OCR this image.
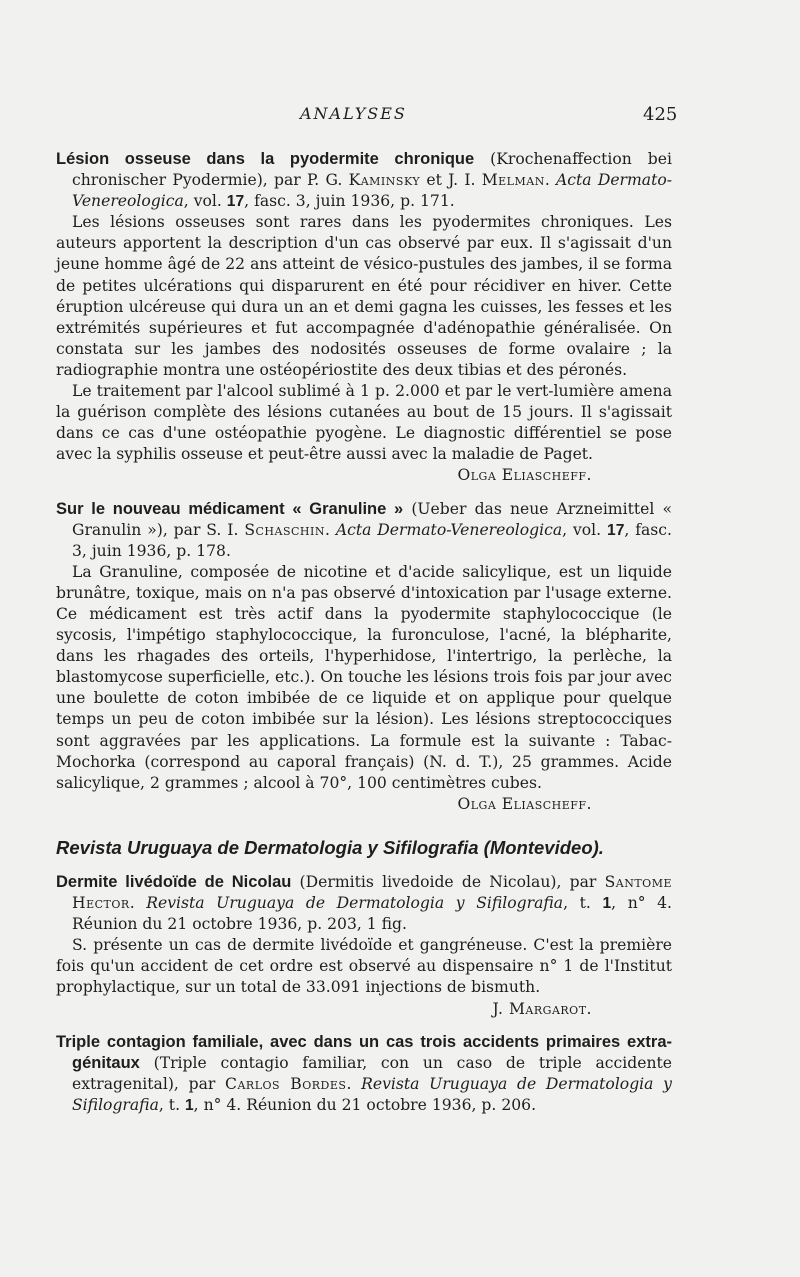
ANALYSES	425

Lésion osseuse dans la pyodermite chronique (Krochenaffection bei chronischer Pyodermie), par P. G. Kaminsky et J. I. Melman. Acta Dermato-Venereologica, vol. 17, fasc. 3, juin 1936, p. 171.

Les lésions osseuses sont rares dans les pyodermites chroniques. Les auteurs apportent la description d'un cas observé par eux. Il s'agissait d'un jeune homme âgé de 22 ans atteint de vésico-pustules des jambes, il se forma de petites ulcérations qui disparurent en été pour récidiver en hiver. Cette éruption ulcéreuse qui dura un an et demi gagna les cuisses, les fesses et les extrémités supérieures et fut accompagnée d'adénopathie généralisée. On constata sur les jambes des nodosités osseuses de forme ovalaire ; la radiographie montra une ostéopériostite des deux tibias et des péronés.

Le traitement par l'alcool sublimé à 1 p. 2.000 et par le vert-lumière amena la guérison complète des lésions cutanées au bout de 15 jours. Il s'agissait dans ce cas d'une ostéopathie pyogène. Le diagnostic différentiel se pose avec la syphilis osseuse et peut-être aussi avec la maladie de Paget.

Olga Eliascheff.

Sur le nouveau médicament « Granuline » (Ueber das neue Arzneimittel « Granulin »), par S. I. Schaschin. Acta Dermato-Venereologica, vol. 17, fasc. 3, juin 1936, p. 178.

La Granuline, composée de nicotine et d'acide salicylique, est un liquide brunâtre, toxique, mais on n'a pas observé d'intoxication par l'usage externe. Ce médicament est très actif dans la pyodermite staphylococcique (le sycosis, l'impétigo staphylococcique, la furonculose, l'acné, la blépharite, dans les rhagades des orteils, l'hyperhidose, l'intertrigo, la perlèche, la blastomycose superficielle, etc.). On touche les lésions trois fois par jour avec une boulette de coton imbibée de ce liquide et on applique pour quelque temps un peu de coton imbibée sur la lésion). Les lésions streptococciques sont aggravées par les applications. La formule est la suivante : Tabac-Mochorka (correspond au caporal français) (N. d. T.), 25 grammes. Acide salicylique, 2 grammes ; alcool à 70°, 100 centimètres cubes.

Olga Eliascheff.

Revista Uruguaya de Dermatologia y Sifilografia (Montevideo).

Dermite livédoïde de Nicolau (Dermitis livedoide de Nicolau), par Santome Hector. Revista Uruguaya de Dermatologia y Sifilografia, t. 1, n° 4. Réunion du 21 octobre 1936, p. 203, 1 fig.

S. présente un cas de dermite livédoïde et gangréneuse. C'est la première fois qu'un accident de cet ordre est observé au dispensaire n° 1 de l'Institut prophylactique, sur un total de 33.091 injections de bismuth.

J. Margarot.

Triple contagion familiale, avec dans un cas trois accidents primaires extra-génitaux (Triple contagio familiar, con un caso de triple accidente extragenital), par Carlos Bordes. Revista Uruguaya de Dermatologia y Sifilografia, t. 1, n° 4. Réunion du 21 octobre 1936, p. 206.
